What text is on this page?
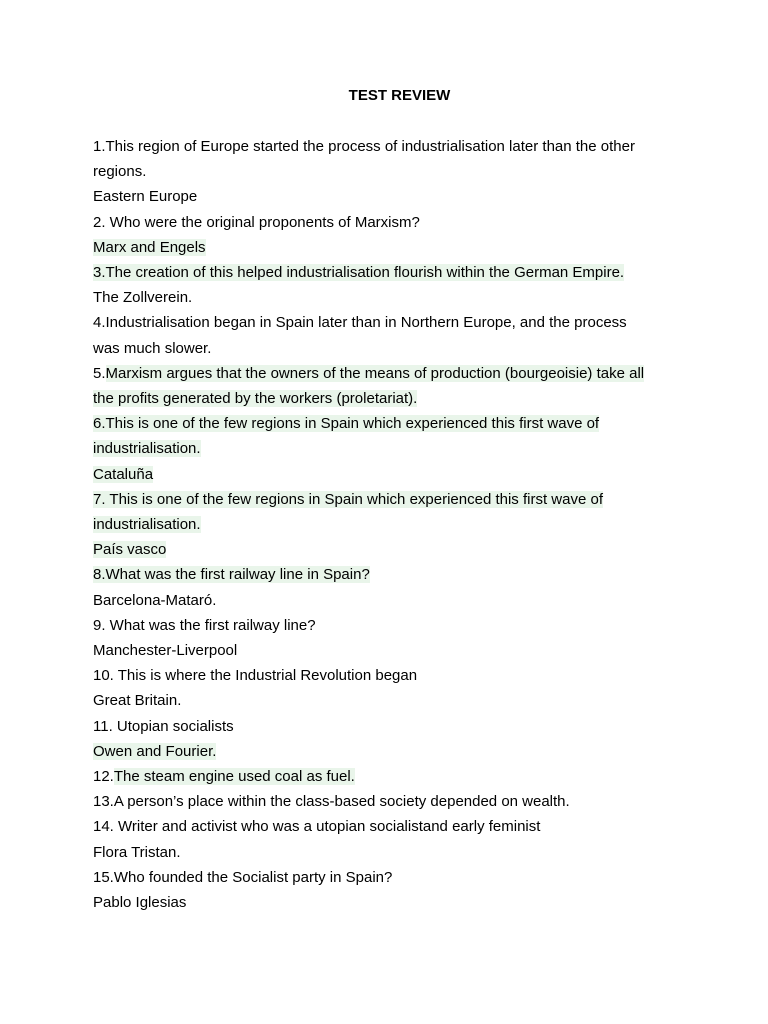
TEST REVIEW
1.This region of Europe started the process of industrialisation later than the other
regions.
Eastern Europe
2. Who were the original proponents of Marxism?
Marx and Engels
3.The creation of this helped industrialisation flourish within the German Empire.
The Zollverein.
4.Industrialisation began in Spain later than in Northern Europe, and the process
was much slower.
5.Marxism argues that the owners of the means of production (bourgeoisie) take all
the profits generated by the workers (proletariat).
6.This is one of the few regions in Spain which experienced this first wave of
industrialisation.
Cataluña
7. This is one of the few regions in Spain which experienced this first wave of
industrialisation.
País vasco
8.What was the first railway line in Spain?
Barcelona-Mataró.
9. What was the first railway line?
Manchester-Liverpool
10. This is where the Industrial Revolution began
Great Britain.
11. Utopian socialists
Owen and Fourier.
12.The steam engine used coal as fuel.
13.A person’s place within the class-based society depended on wealth.
14. Writer and activist who was a utopian socialistand early feminist
Flora Tristan.
15.Who founded the Socialist party in Spain?
Pablo Iglesias
